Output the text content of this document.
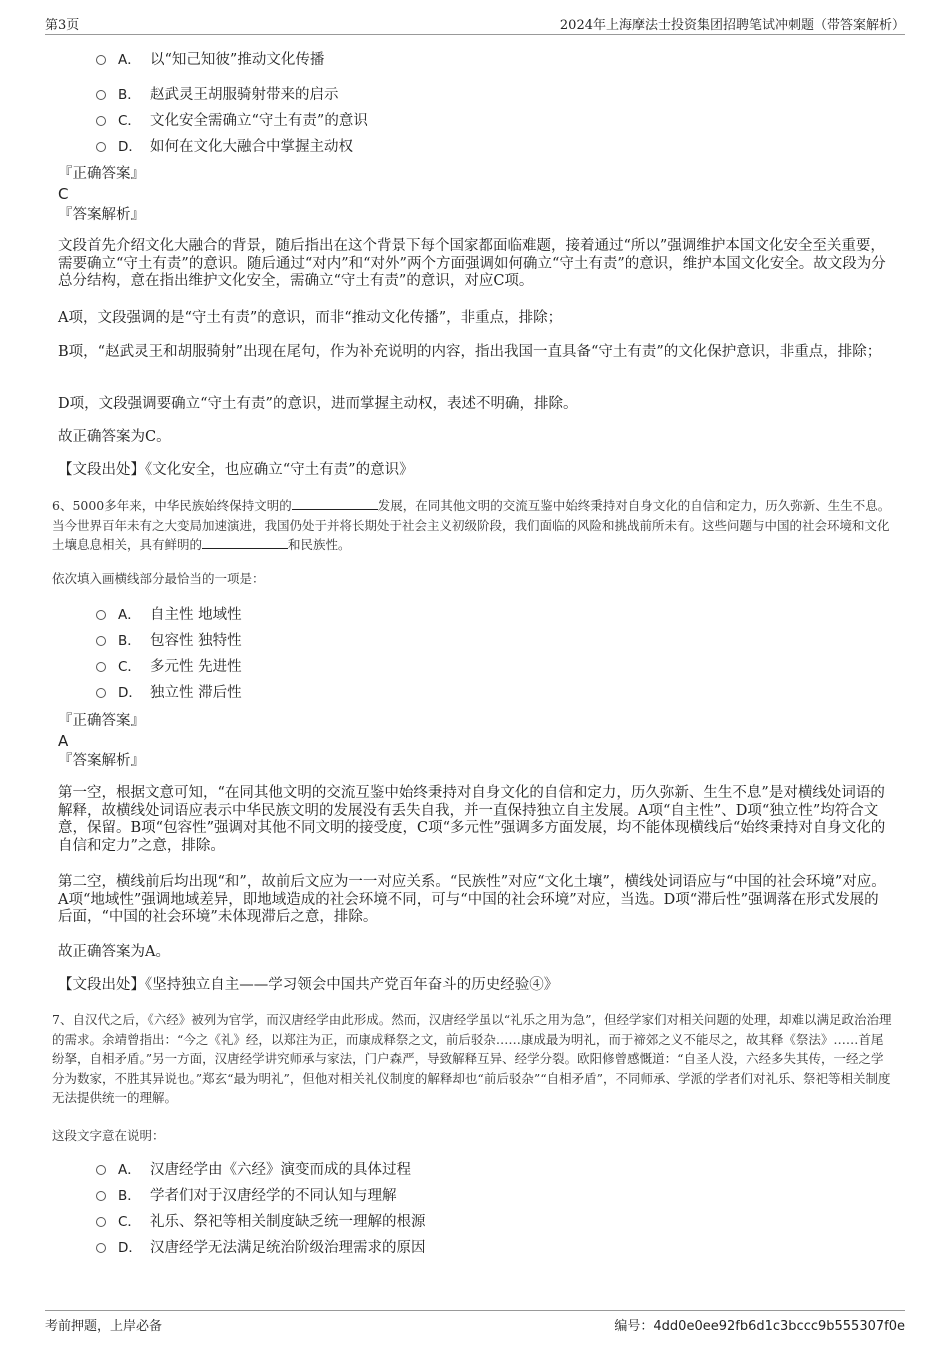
第3页	2024年上海摩法士投资集团招聘笔试冲刺题（带答案解析）
A． 以“知己知彼”推动文化传播
B． 赵武灵王胡服骑射带来的启示
C． 文化安全需确立“守土有责”的意识
D． 如何在文化大融合中掌握主动权
『正确答案』
C
『答案解析』

文段首先介绍文化大融合的背景，随后指出在这个背景下每个国家都面临难题，接着通过“所以”强调维护本国文化安全至关重要，需要确立“守土有责”的意识。随后通过“对内”和“对外”两个方面强调如何确立“守土有责”的意识，维护本国文化安全。故文段为分总分结构，意在指出维护文化安全，需确立“守土有责”的意识，对应C项。

A项，文段强调的是“守土有责”的意识，而非“推动文化传播”，非重点，排除；

B项，“赵武灵王和胡服骑射”出现在尾句，作为补充说明的内容，指出我国一直具备“守土有责”的文化保护意识，非重点，排除；

D项，文段强调要确立“守土有责”的意识，进而掌握主动权，表述不明确，排除。

故正确答案为C。

【文段出处】《文化安全，也应确立“守土有责”的意识》

6、5000多年来，中华民族始终保持文明的	发展，在同其他文明的交流互鉴中始终秉持对自身文化的自信和定力，历久弥新、生生不息。当今世界百年未有之大变局加速演进，我国仍处于并将长期处于社会主义初级阶段，我们面临的风险和挑战前所未有。这些问题与中国的社会环境和文化土壤息息相关，具有鲜明的	和民族性。

依次填入画横线部分最恰当的一项是：
A． 自主性 地域性
B． 包容性 独特性
C． 多元性 先进性
D． 独立性 滞后性
『正确答案』
A
『答案解析』

第一空，根据文意可知，“在同其他文明的交流互鉴中始终秉持对自身文化的自信和定力，历久弥新、生生不息”是对横线处词语的解释，故横线处词语应表示中华民族文明的发展没有丢失自我，并一直保持独立自主发展。A项“自主性”、D项“独立性”均符合文意，保留。B项“包容性”强调对其他不同文明的接受度，C项“多元性”强调多方面发展，均不能体现横线后“始终秉持对自身文化的自信和定力”之意，排除。

第二空，横线前后均出现“和”，故前后文应为一一对应关系。“民族性”对应“文化土壤”，横线处词语应与“中国的社会环境”对应。A项“地域性”强调地域差异，即地域造成的社会环境不同，可与“中国的社会环境”对应，当选。D项“滞后性”强调落在形式发展的后面，“中国的社会环境”未体现滞后之意，排除。

故正确答案为A。

【文段出处】《坚持独立自主——学习领会中国共产党百年奋斗的历史经验④》

7、自汉代之后，《六经》被列为官学，而汉唐经学由此形成。然而，汉唐经学虽以“礼乐之用为急”，但经学家们对相关问题的处理，却难以满足政治治理的需求。余靖曾指出：“今之《礼》经，以郑注为正，而康成释祭之文，前后驳杂……康成最为明礼，而于禘郊之义不能尽之，故其释《祭法》……首尾纷拏，自相矛盾。”另一方面，汉唐经学讲究师承与家法，门户森严，导致解释互异、经学分裂。欧阳修曾感慨道：“自圣人没，六经多失其传，一经之学分为数家，不胜其异说也。”郑玄“最为明礼”，但他对相关礼仪制度的解释却也“前后驳杂”“自相矛盾”，不同师承、学派的学者们对礼乐、祭祀等相关制度无法提供统一的理解。

这段文字意在说明：
A． 汉唐经学由《六经》演变而成的具体过程
B． 学者们对于汉唐经学的不同认知与理解
C． 礼乐、祭祀等相关制度缺乏统一理解的根源
D． 汉唐经学无法满足统治阶级治理需求的原因
考前押题，上岸必备	编号：4dd0e0ee92fb6d1c3bccc9b555307f0e
